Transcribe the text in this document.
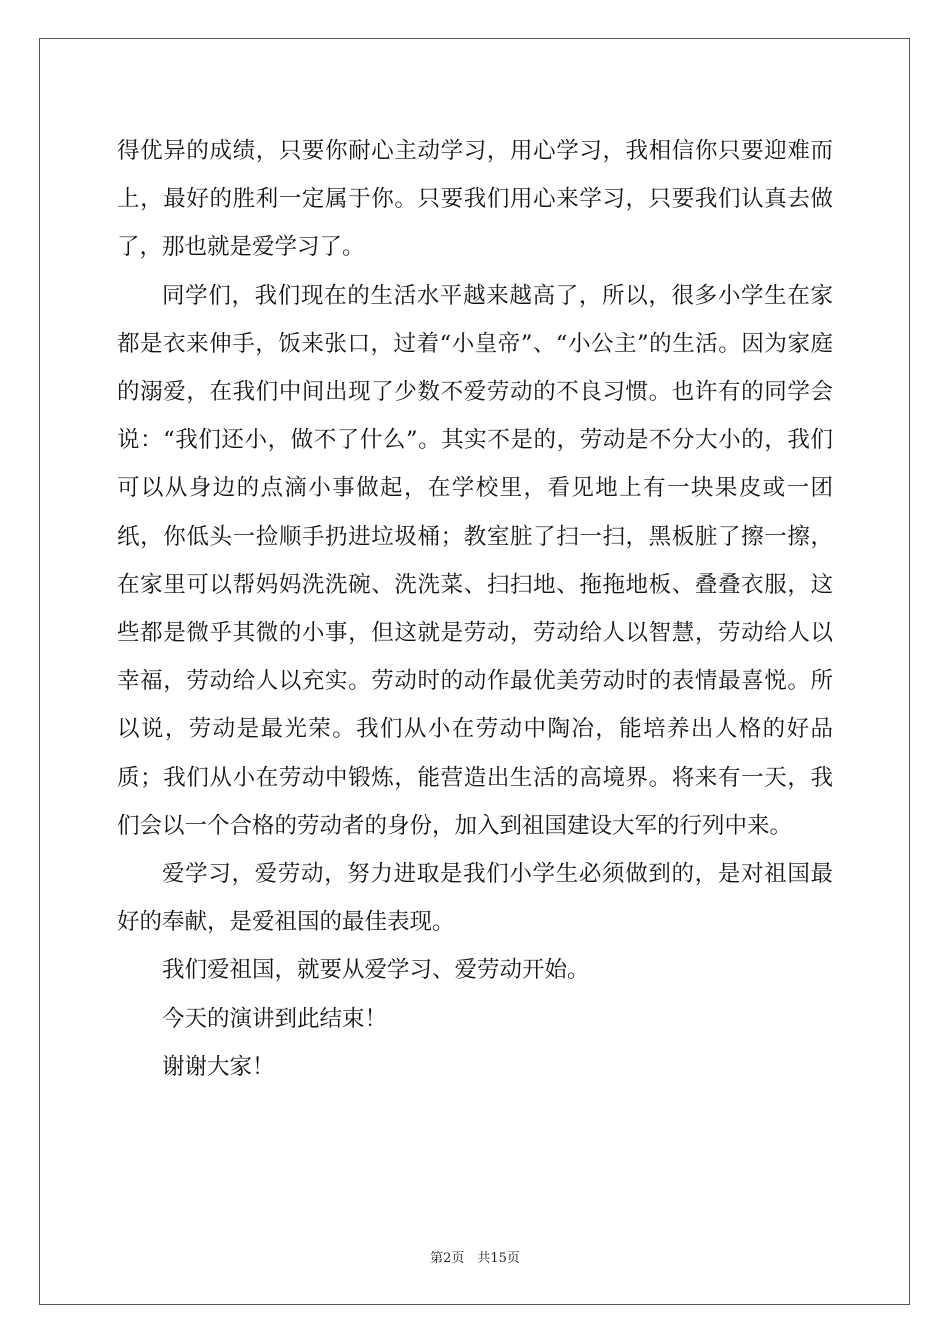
得优异的成绩，只要你耐心主动学习，用心学习，我相信你只要迎难而上，最好的胜利一定属于你。只要我们用心来学习，只要我们认真去做了，那也就是爱学习了。

同学们，我们现在的生活水平越来越高了，所以，很多小学生在家都是衣来伸手，饭来张口，过着“小皇帝”、“小公主”的生活。因为家庭的溺爱，在我们中间出现了少数不爱劳动的不良习惯。也许有的同学会说：“我们还小，做不了什么”。其实不是的，劳动是不分大小的，我们可以从身边的点滴小事做起，在学校里，看见地上有一块果皮或一团纸，你低头一捡顺手扔进垃圾桶；教室脏了扫一扫，黑板脏了擦一擦，在家里可以帮妈妈洗洗碗、洗洗菜、扫扫地、拖拖地板、叠叠衣服，这些都是微乎其微的小事，但这就是劳动，劳动给人以智慧，劳动给人以幸福，劳动给人以充实。劳动时的动作最优美劳动时的表情最喜悦。所以说，劳动是最光荣。我们从小在劳动中陶冶，能培养出人格的好品质；我们从小在劳动中锻炼，能营造出生活的高境界。将来有一天，我们会以一个合格的劳动者的身份，加入到祖国建设大军的行列中来。

爱学习，爱劳动，努力进取是我们小学生必须做到的，是对祖国最好的奉献，是爱祖国的最佳表现。

我们爱祖国，就要从爱学习、爱劳动开始。

今天的演讲到此结束！

谢谢大家！

第2页　共15页
